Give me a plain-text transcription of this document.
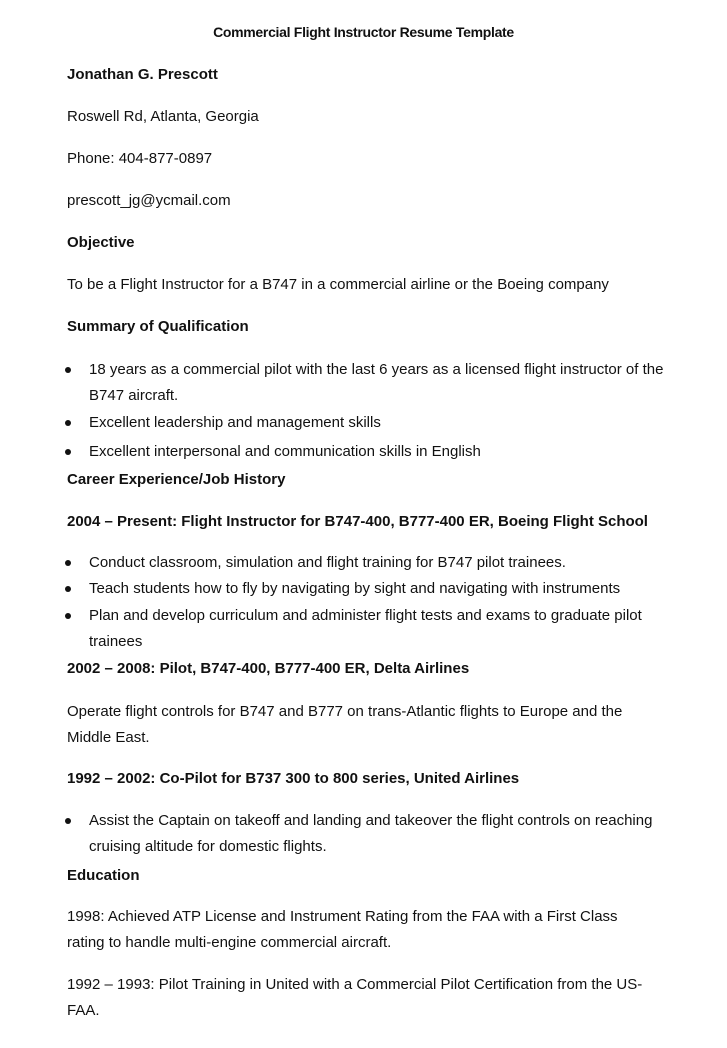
Commercial Flight Instructor Resume Template
Jonathan G. Prescott
Roswell Rd, Atlanta, Georgia
Phone: 404-877-0897
prescott_jg@ycmail.com
Objective
To be a Flight Instructor for a B747 in a commercial airline or the Boeing company
Summary of Qualification
18 years as a commercial pilot with the last 6 years as a licensed flight instructor of the B747 aircraft.
Excellent leadership and management skills
Excellent interpersonal and communication skills in English
Career Experience/Job History
2004 – Present: Flight Instructor for B747-400, B777-400 ER, Boeing Flight School
Conduct classroom, simulation and flight training for B747 pilot trainees.
Teach students how to fly by navigating by sight and navigating with instruments
Plan and develop curriculum and administer flight tests and exams to graduate pilot trainees
2002 – 2008: Pilot, B747-400, B777-400 ER, Delta Airlines
Operate flight controls for B747 and B777 on trans-Atlantic flights to Europe and the Middle East.
1992 – 2002: Co-Pilot for B737 300 to 800 series, United Airlines
Assist the Captain on takeoff and landing and takeover the flight controls on reaching cruising altitude for domestic flights.
Education
1998: Achieved ATP License and Instrument Rating from the FAA with a First Class rating to handle multi-engine commercial aircraft.
1992 – 1993: Pilot Training in United with a Commercial Pilot Certification from the US-FAA.
